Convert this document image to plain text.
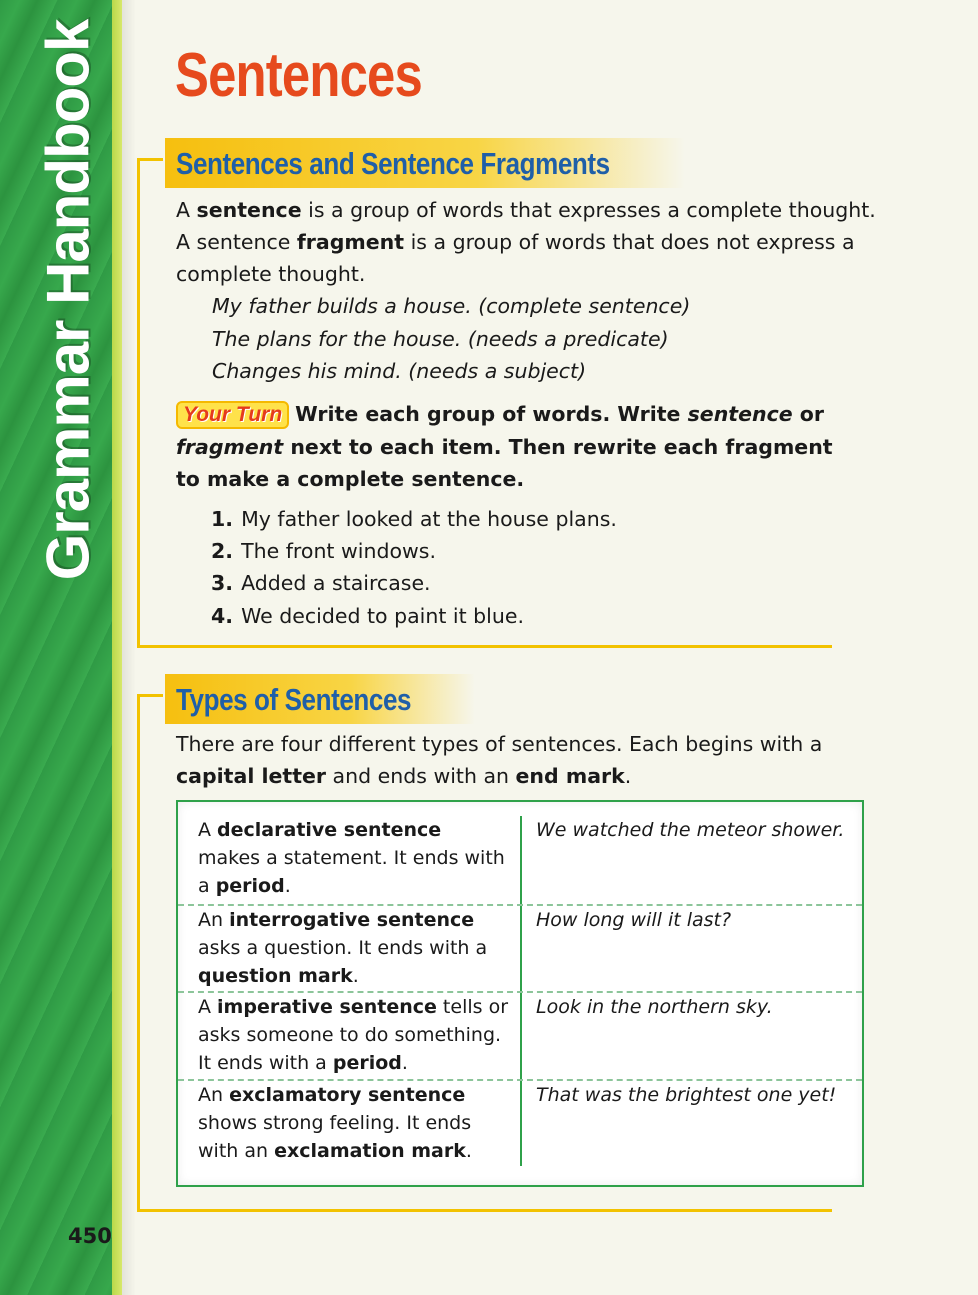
Grammar Handbook
450
Sentences
Sentences and Sentence Fragments
A sentence is a group of words that expresses a complete thought.
A sentence fragment is a group of words that does not express a complete thought.
My father builds a house. (complete sentence)
The plans for the house. (needs a predicate)
Changes his mind. (needs a subject)
Your Turn Write each group of words. Write sentence or
fragment next to each item. Then rewrite each fragment to make a complete sentence.
1. My father looked at the house plans.
2. The front windows.
3. Added a staircase.
4. We decided to paint it blue.
Types of Sentences
There are four different types of sentences. Each begins with a capital letter and ends with an end mark.
A declarative sentence makes a statement. It ends with a period.
We watched the meteor shower.
An interrogative sentence asks a question. It ends with a question mark.
How long will it last?
A imperative sentence tells or asks someone to do something. It ends with a period.
Look in the northern sky.
An exclamatory sentence shows strong feeling. It ends with an exclamation mark.
That was the brightest one yet!
